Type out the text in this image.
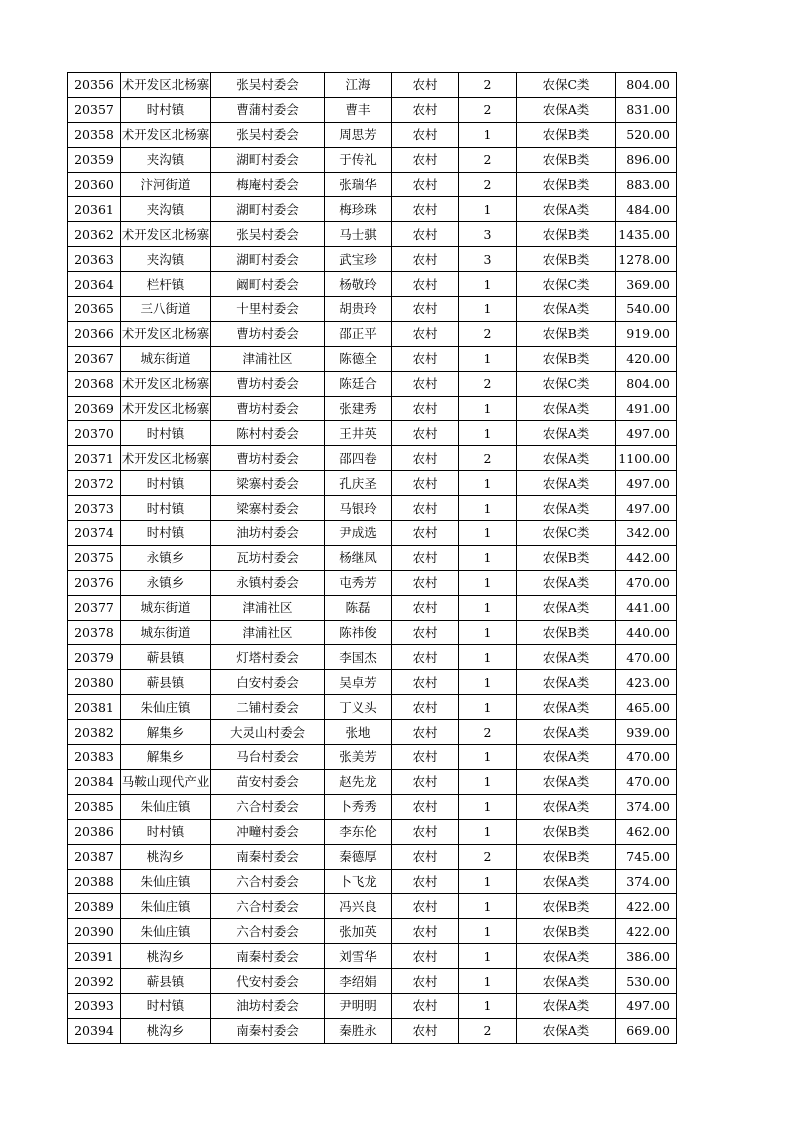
20356	术开发区北杨寨	张吴村委会	江海	农村	2	农保C类	804.00
20357	时村镇	曹蒲村委会	曹丰	农村	2	农保A类	831.00
20358	术开发区北杨寨	张吴村委会	周思芳	农村	1	农保B类	520.00
20359	夹沟镇	湖町村委会	于传礼	农村	2	农保B类	896.00
20360	汴河街道	梅庵村委会	张瑞华	农村	2	农保B类	883.00
20361	夹沟镇	湖町村委会	梅珍珠	农村	1	农保A类	484.00
20362	术开发区北杨寨	张吴村委会	马士骐	农村	3	农保B类	1435.00
20363	夹沟镇	湖町村委会	武宝珍	农村	3	农保B类	1278.00
20364	栏杆镇	阚町村委会	杨敬玲	农村	1	农保C类	369.00
20365	三八街道	十里村委会	胡贵玲	农村	1	农保A类	540.00
20366	术开发区北杨寨	曹坊村委会	邵正平	农村	2	农保B类	919.00
20367	城东街道	津浦社区	陈德全	农村	1	农保B类	420.00
20368	术开发区北杨寨	曹坊村委会	陈廷合	农村	2	农保C类	804.00
20369	术开发区北杨寨	曹坊村委会	张建秀	农村	1	农保A类	491.00
20370	时村镇	陈村村委会	王井英	农村	1	农保A类	497.00
20371	术开发区北杨寨	曹坊村委会	邵四卷	农村	2	农保A类	1100.00
20372	时村镇	梁寨村委会	孔庆圣	农村	1	农保A类	497.00
20373	时村镇	梁寨村委会	马银玲	农村	1	农保A类	497.00
20374	时村镇	油坊村委会	尹成选	农村	1	农保C类	342.00
20375	永镇乡	瓦坊村委会	杨继凤	农村	1	农保B类	442.00
20376	永镇乡	永镇村委会	屯秀芳	农村	1	农保A类	470.00
20377	城东街道	津浦社区	陈磊	农村	1	农保A类	441.00
20378	城东街道	津浦社区	陈祎俊	农村	1	农保B类	440.00
20379	蕲县镇	灯塔村委会	李国杰	农村	1	农保A类	470.00
20380	蕲县镇	白安村委会	吴卓芳	农村	1	农保A类	423.00
20381	朱仙庄镇	二铺村委会	丁义头	农村	1	农保A类	465.00
20382	解集乡	大灵山村委会	张地	农村	2	农保A类	939.00
20383	解集乡	马台村委会	张美芳	农村	1	农保A类	470.00
20384	马鞍山现代产业	苗安村委会	赵先龙	农村	1	农保A类	470.00
20385	朱仙庄镇	六合村委会	卜秀秀	农村	1	农保A类	374.00
20386	时村镇	冲疃村委会	李东伦	农村	1	农保B类	462.00
20387	桃沟乡	南秦村委会	秦德厚	农村	2	农保B类	745.00
20388	朱仙庄镇	六合村委会	卜飞龙	农村	1	农保A类	374.00
20389	朱仙庄镇	六合村委会	冯兴良	农村	1	农保B类	422.00
20390	朱仙庄镇	六合村委会	张加英	农村	1	农保B类	422.00
20391	桃沟乡	南秦村委会	刘雪华	农村	1	农保A类	386.00
20392	蕲县镇	代安村委会	李绍娟	农村	1	农保A类	530.00
20393	时村镇	油坊村委会	尹明明	农村	1	农保A类	497.00
20394	桃沟乡	南秦村委会	秦胜永	农村	2	农保A类	669.00
